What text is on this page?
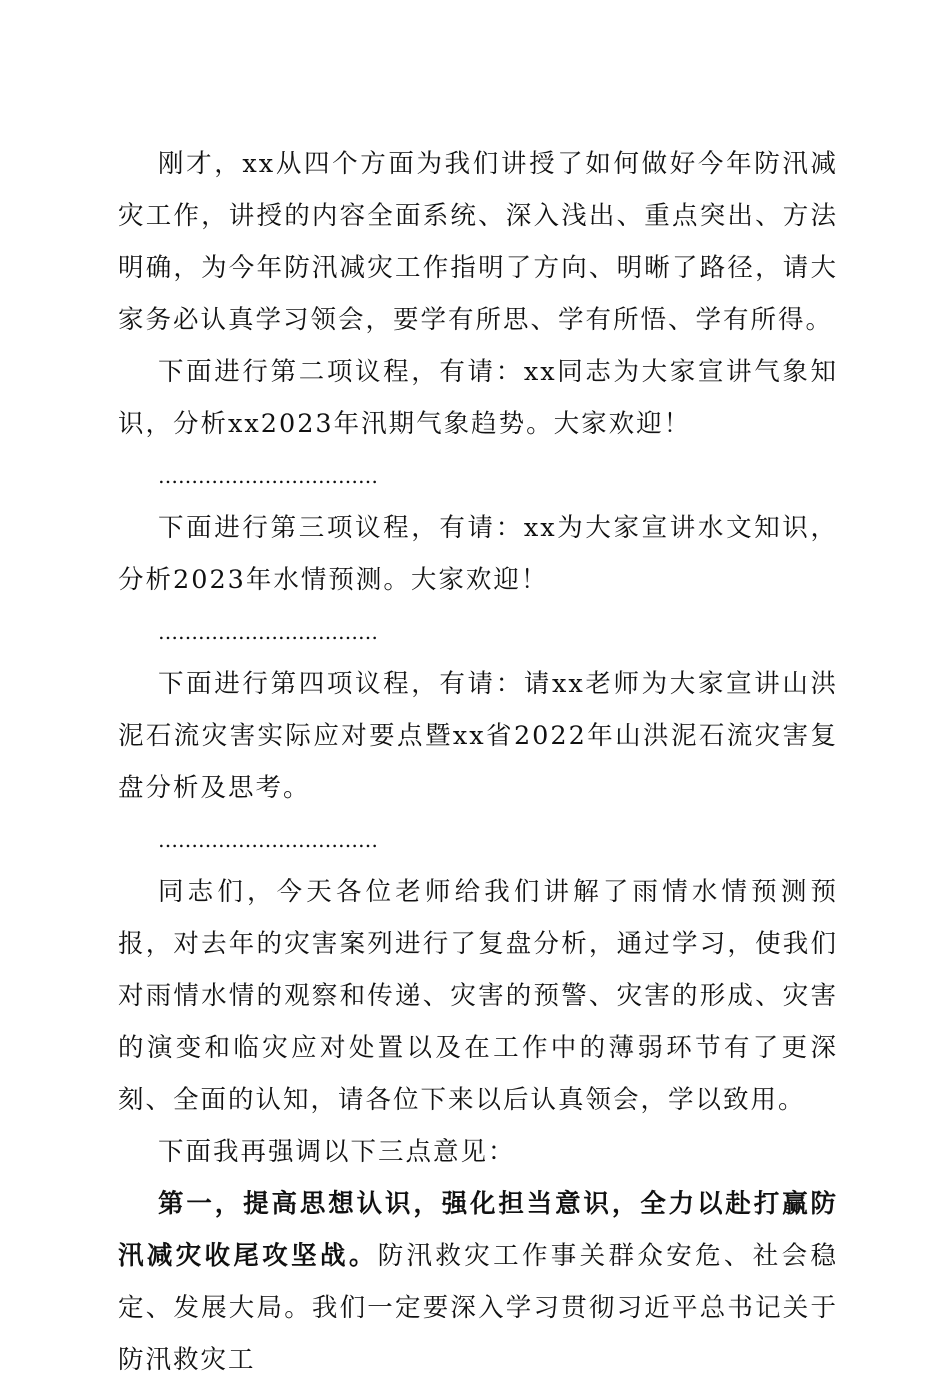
刚才，xx从四个方面为我们讲授了如何做好今年防汛减灾工作，讲授的内容全面系统、深入浅出、重点突出、方法明确，为今年防汛减灾工作指明了方向、明晰了路径，请大家务必认真学习领会，要学有所思、学有所悟、学有所得。

下面进行第二项议程，有请：xx同志为大家宣讲气象知识，分析xx2023年汛期气象趋势。大家欢迎！

……………………………

下面进行第三项议程，有请：xx为大家宣讲水文知识，分析2023年水情预测。大家欢迎！

……………………………

下面进行第四项议程，有请：请xx老师为大家宣讲山洪泥石流灾害实际应对要点暨xx省2022年山洪泥石流灾害复盘分析及思考。

……………………………

同志们，今天各位老师给我们讲解了雨情水情预测预报，对去年的灾害案列进行了复盘分析，通过学习，使我们对雨情水情的观察和传递、灾害的预警、灾害的形成、灾害的演变和临灾应对处置以及在工作中的薄弱环节有了更深刻、全面的认知，请各位下来以后认真领会，学以致用。

下面我再强调以下三点意见：

第一，提高思想认识，强化担当意识，全力以赴打赢防汛减灾收尾攻坚战。防汛救灾工作事关群众安危、社会稳定、发展大局。我们一定要深入学习贯彻习近平总书记关于防汛救灾工
